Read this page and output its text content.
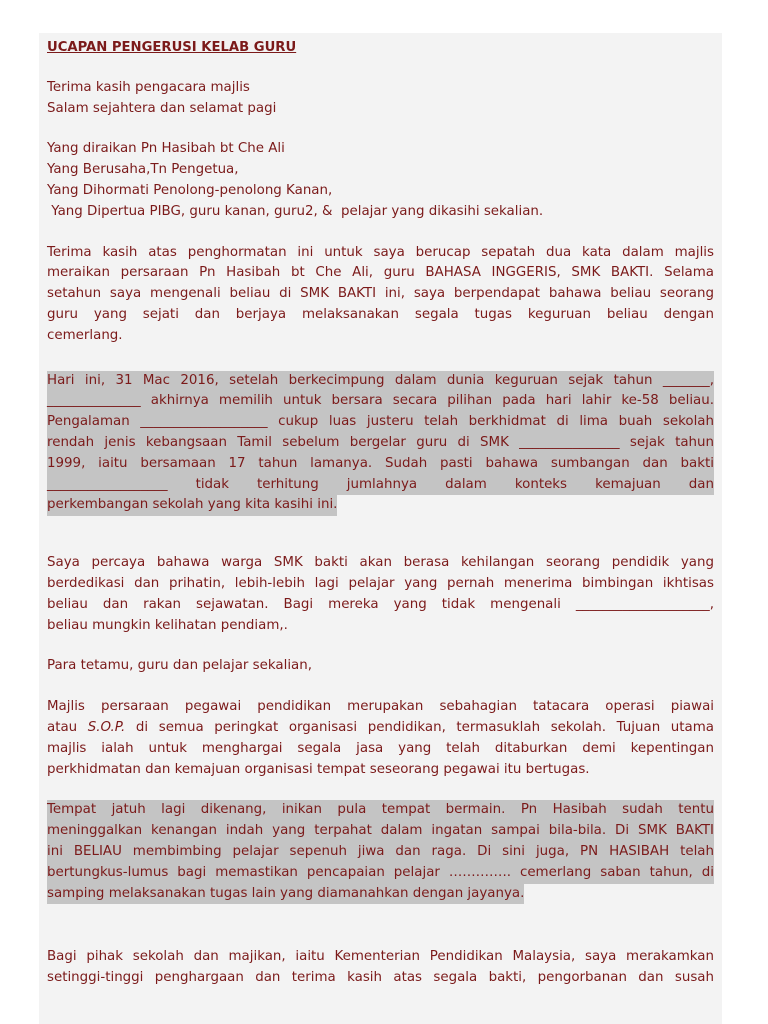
UCAPAN PENGERUSI KELAB GURU
Terima kasih pengacara majlis
Salam sejahtera dan selamat pagi
Yang diraikan Pn Hasibah bt Che Ali
Yang Berusaha,Tn Pengetua,
Yang Dihormati Penolong-penolong Kanan,
Yang Dipertua PIBG, guru kanan, guru2, &  pelajar yang dikasihi sekalian.
Terima kasih atas penghormatan ini untuk saya berucap sepatah dua kata dalam majlis
meraikan persaraan Pn Hasibah bt Che Ali, guru BAHASA INGGERIS, SMK BAKTI. Selama
setahun saya mengenali beliau di SMK BAKTI ini, saya berpendapat bahawa beliau seorang
guru yang sejati dan berjaya melaksanakan segala tugas keguruan beliau dengan
cemerlang.
Hari ini, 31 Mac 2016, setelah berkecimpung dalam dunia keguruan sejak tahun _______,
______________ akhirnya memilih untuk bersara secara pilihan pada hari lahir ke-58 beliau.
Pengalaman ___________________ cukup luas justeru telah berkhidmat di lima buah sekolah
rendah jenis kebangsaan Tamil sebelum bergelar guru di SMK _______________ sejak tahun
1999, iaitu bersamaan 17 tahun lamanya. Sudah pasti bahawa sumbangan dan bakti
__________________ tidak terhitung jumlahnya dalam konteks kemajuan dan
perkembangan sekolah yang kita kasihi ini.
Saya percaya bahawa warga SMK bakti akan berasa kehilangan seorang pendidik yang
berdedikasi dan prihatin, lebih-lebih lagi pelajar yang pernah menerima bimbingan ikhtisas
beliau dan rakan sejawatan. Bagi mereka yang tidak mengenali ____________________,
beliau mungkin kelihatan pendiam,.
Para tetamu, guru dan pelajar sekalian,
Majlis persaraan pegawai pendidikan merupakan sebahagian tatacara operasi piawai
atau S.O.P. di semua peringkat organisasi pendidikan, termasuklah sekolah. Tujuan utama
majlis ialah untuk menghargai segala jasa yang telah ditaburkan demi kepentingan
perkhidmatan dan kemajuan organisasi tempat seseorang pegawai itu bertugas.
Tempat jatuh lagi dikenang, inikan pula tempat bermain. Pn Hasibah sudah tentu
meninggalkan kenangan indah yang terpahat dalam ingatan sampai bila-bila. Di SMK BAKTI
ini BELIAU membimbing pelajar sepenuh jiwa dan raga. Di sini juga, PN HASIBAH telah
bertungkus-lumus bagi memastikan pencapaian pelajar ………….. cemerlang saban tahun, di
samping melaksanakan tugas lain yang diamanahkan dengan jayanya.
Bagi pihak sekolah dan majikan, iaitu Kementerian Pendidikan Malaysia, saya merakamkan
setinggi-tinggi penghargaan dan terima kasih atas segala bakti, pengorbanan dan susah
